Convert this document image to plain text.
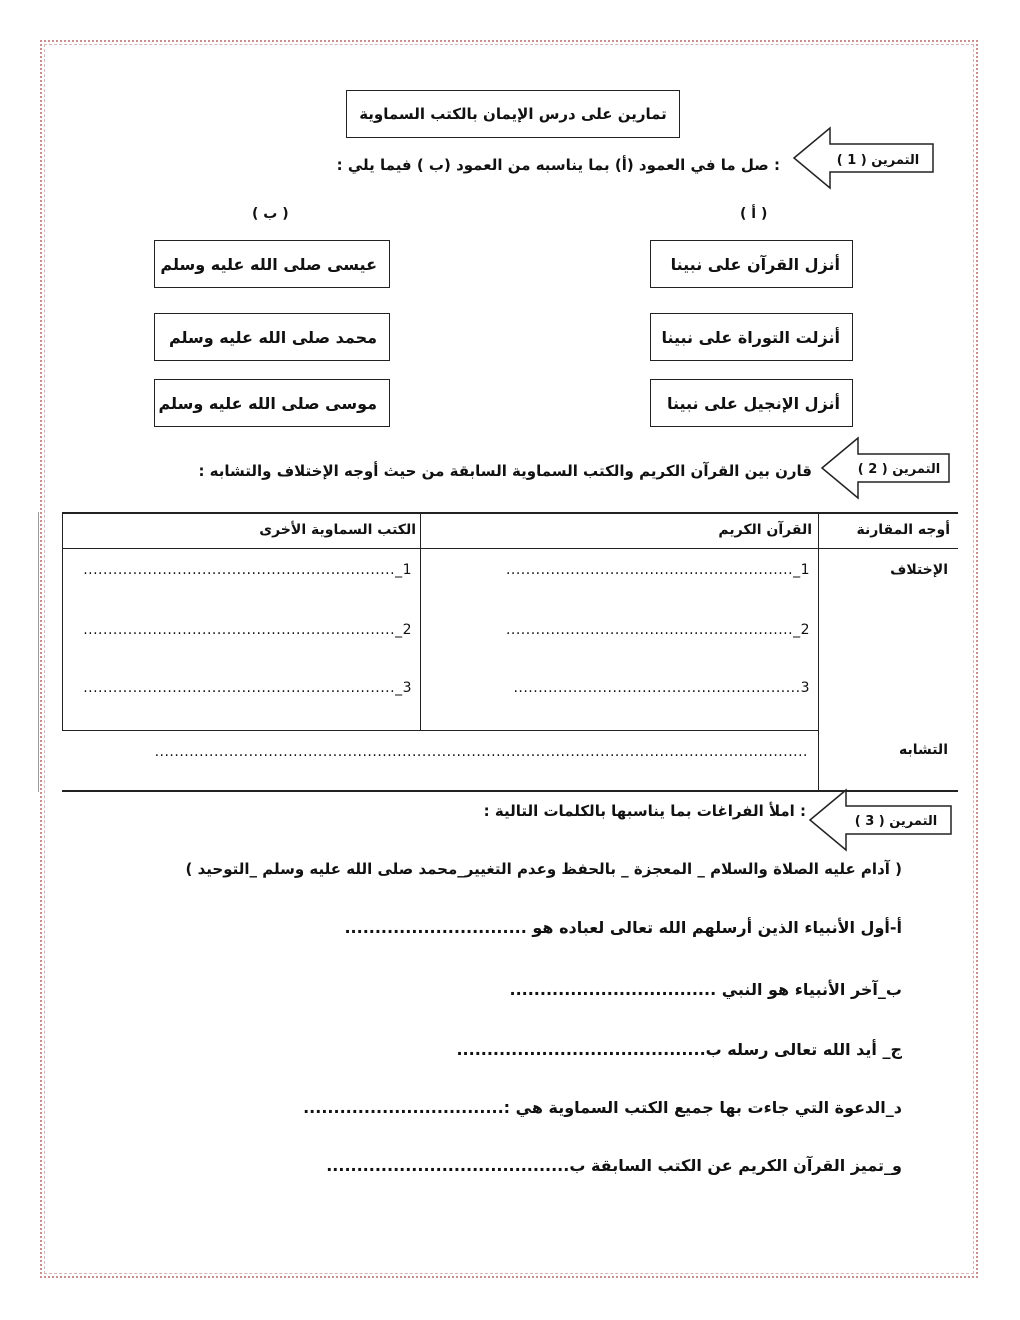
تمارين على درس الإيمان بالكتب السماوية
التمرين ( 1 )
: صل ما في العمود (أ) بما يناسبه من العمود (ب ) فيما يلي :
( أ )
( ب )
أنزل القرآن على نبينا
أنزلت التوراة على نبينا
أنزل الإنجيل على نبينا
عيسى صلى الله عليه وسلم
محمد صلى الله عليه وسلم
موسى صلى الله عليه وسلم
التمرين ( 2 )
قارن بين القرآن الكريم والكتب السماوية السابقة من حيث أوجه الإختلاف والتشابه :
أوجه المقارنة
القرآن الكريم
الكتب السماوية الأخرى
الإختلاف
التشابه
1_..........................................................
2_..........................................................
3..........................................................
1_...............................................................
2_...............................................................
3_...............................................................
....................................................................................................................................
التمرين ( 3 )
: املأ الفراغات بما يناسبها بالكلمات التالية :
( آدام عليه الصلاة والسلام _ المعجزة _ بالحفظ وعدم التغيير_محمد صلى الله عليه وسلم _التوحيد )
أ-أول الأنبياء الذين أرسلهم الله تعالى لعباده هو ..............................
ب_آخر الأنبياء هو النبي ..................................
ج_ أيد الله تعالى رسله ب.........................................
د_الدعوة التي جاءت بها جميع الكتب السماوية هي :.................................
و_تميز القرآن الكريم عن الكتب السابقة ب........................................
